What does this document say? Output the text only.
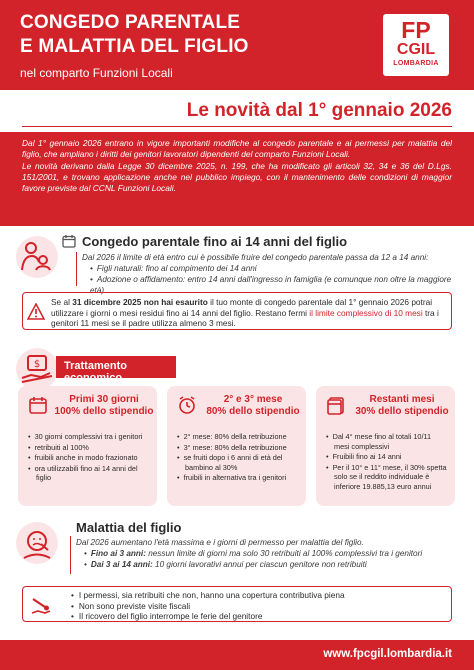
CONGEDO PARENTALE
E MALATTIA DEL FIGLIO
nel comparto Funzioni Locali
FP
CGIL
LOMBARDIA
Le novità dal 1° gennaio 2026

Dal 1° gennaio 2026 entrano in vigore importanti modifiche al congedo parentale e ai permessi per malattia del figlio, che ampliano i diritti dei genitori lavoratori dipendenti del comparto Funzioni Locali.

Le novità derivano dalla Legge 30 dicembre 2025, n. 199, che ha modificato gli articoli 32, 34 e 36 del D.Lgs. 151/2001, e trovano applicazione anche nel pubblico impiego, con il mantenimento delle condizioni di maggior favore previste dal CCNL Funzioni Locali.

Congedo parentale fino ai 14 anni del figlio
Dal 2026 il limite di età entro cui è possibile fruire del congedo parentale passa da 12 a 14 anni:
• Figli naturali: fino al compimento dei 14 anni
• Adozione o affidamento: entro 14 anni dall'ingresso in famiglia (e comunque non oltre la maggiore età)
Se al 31 dicembre 2025 non hai esaurito il tuo monte di congedo parentale dal 1° gennaio 2026 potrai utilizzare i giorni o mesi residui fino ai 14 anni del figlio. Restano fermi il limite complessivo di 10 mesi tra i genitori 11 mesi se il padre utilizza almeno 3 mesi.
$	Trattamento economico
Primi 30 giorni
100% dello stipendio
• 30 giorni complessivi tra i genitori
• retribuiti al 100%
• fruibili anche in modo frazionato
• ora utilizzabili fino ai 14 anni del figlio
2° e 3° mese
80% dello stipendio
• 2° mese: 80% della retribuzione
• 3° mese: 80% della retribuzione
• se fruiti dopo i 6 anni di età del bambino al 30%
• fruibili in alternativa tra i genitori
Restanti mesi
30% dello stipendio
• Dal 4° mese fino al totali 10/11 mesi complessivi
• Fruibili fino ai 14 anni
• Per il 10° e 11° mese, il 30% spetta solo se il reddito individuale è inferiore 19.885,13 euro annui
Malattia del figlio
Dal 2026 aumentano l'età massima e i giorni di permesso per malattia del figlio.
• Fino ai 3 anni: nessun limite di giorni ma solo 30 retribuiti al 100% complessivi tra i genitori
• Dai 3 ai 14 anni: 10 giorni lavorativi annui per ciascun genitore non retribuiti
• I permessi, sia retribuiti che non, hanno una copertura contributiva piena
• Non sono previste visite fiscali
• Il ricovero del figlio interrompe le ferie del genitore
www.fpcgil.lombardia.it
